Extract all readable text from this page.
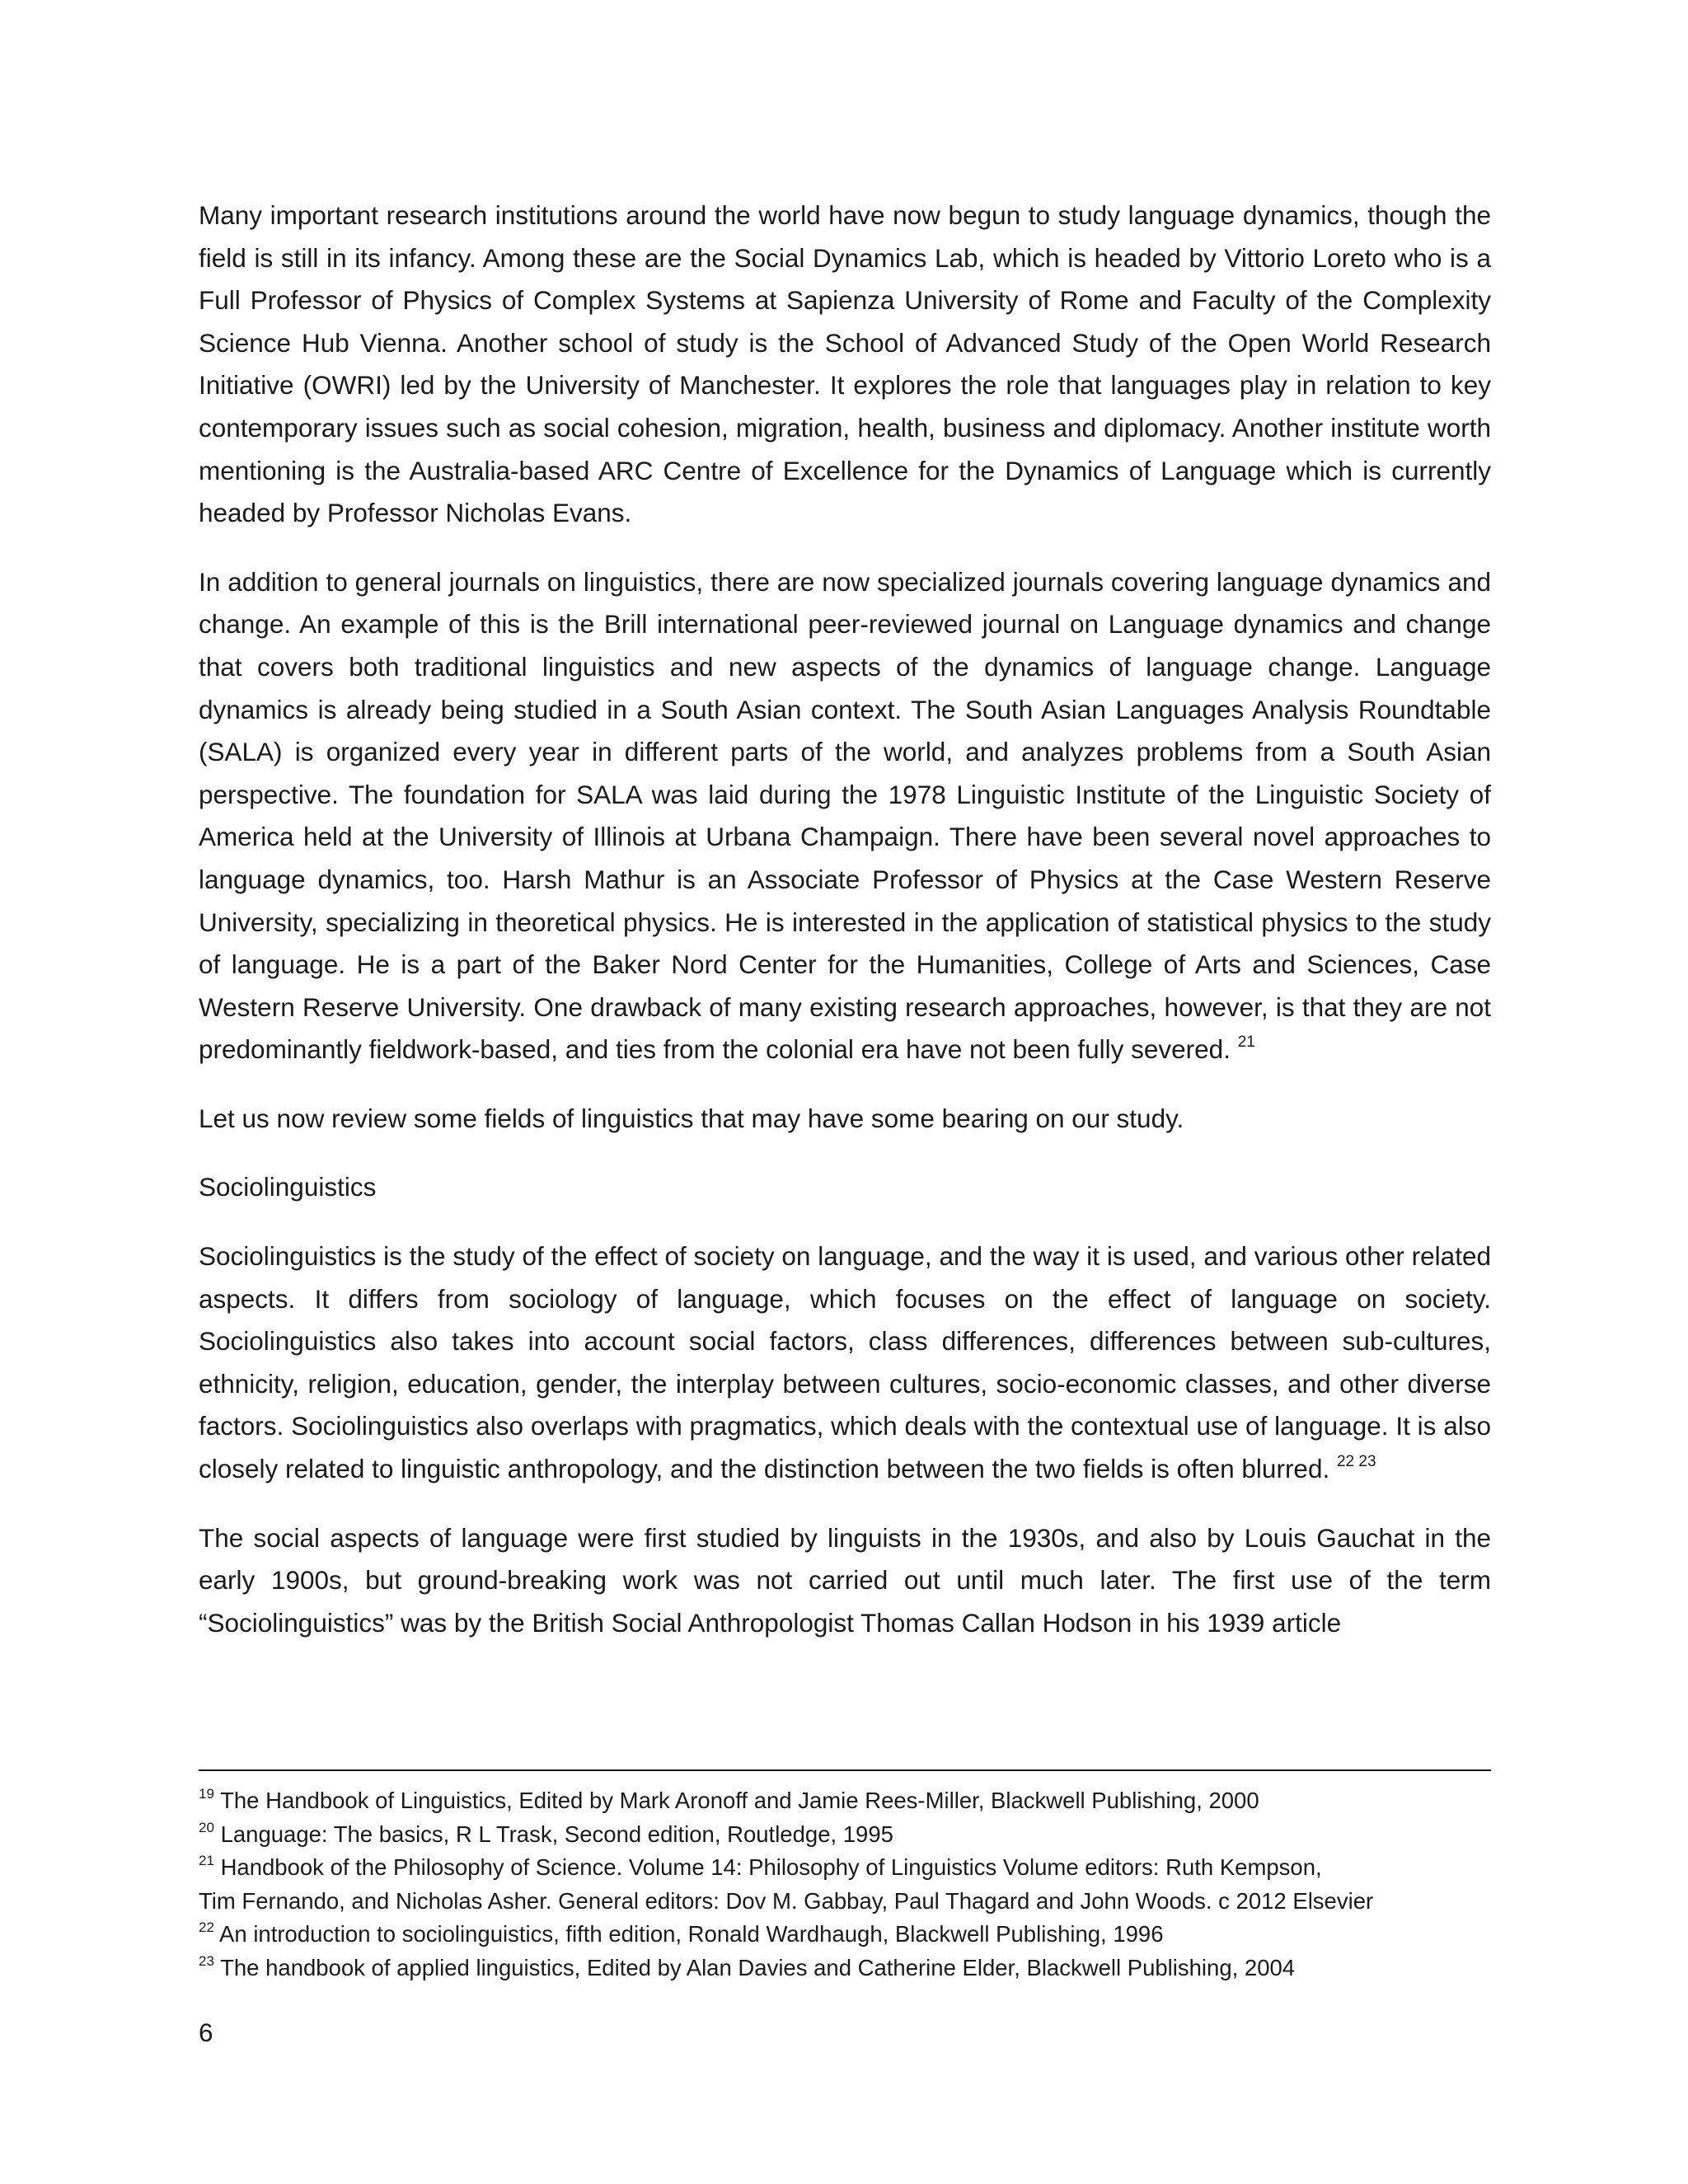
Many important research institutions around the world have now begun to study language dynamics, though the field is still in its infancy. Among these are the Social Dynamics Lab, which is headed by Vittorio Loreto who is a Full Professor of Physics of Complex Systems at Sapienza University of Rome and Faculty of the Complexity Science Hub Vienna. Another school of study is the School of Advanced Study of the Open World Research Initiative (OWRI) led by the University of Manchester. It explores the role that languages play in relation to key contemporary issues such as social cohesion, migration, health, business and diplomacy. Another institute worth mentioning is the Australia-based ARC Centre of Excellence for the Dynamics of Language which is currently headed by Professor Nicholas Evans.

In addition to general journals on linguistics, there are now specialized journals covering language dynamics and change. An example of this is the Brill international peer-reviewed journal on Language dynamics and change that covers both traditional linguistics and new aspects of the dynamics of language change. Language dynamics is already being studied in a South Asian context. The South Asian Languages Analysis Roundtable (SALA) is organized every year in different parts of the world, and analyzes problems from a South Asian perspective. The foundation for SALA was laid during the 1978 Linguistic Institute of the Linguistic Society of America held at the University of Illinois at Urbana Champaign. There have been several novel approaches to language dynamics, too. Harsh Mathur is an Associate Professor of Physics at the Case Western Reserve University, specializing in theoretical physics. He is interested in the application of statistical physics to the study of language. He is a part of the Baker Nord Center for the Humanities, College of Arts and Sciences, Case Western Reserve University. One drawback of many existing research approaches, however, is that they are not predominantly fieldwork-based, and ties from the colonial era have not been fully severed. $^{21}$

Let us now review some fields of linguistics that may have some bearing on our study.

Sociolinguistics

Sociolinguistics is the study of the effect of society on language, and the way it is used, and various other related aspects. It differs from sociology of language, which focuses on the effect of language on society. Sociolinguistics also takes into account social factors, class differences, differences between sub-cultures, ethnicity, religion, education, gender, the interplay between cultures, socio-economic classes, and other diverse factors. Sociolinguistics also overlaps with pragmatics, which deals with the contextual use of language. It is also closely related to linguistic anthropology, and the distinction between the two fields is often blurred. $^{22 23}$

The social aspects of language were first studied by linguists in the 1930s, and also by Louis Gauchat in the early 1900s, but ground-breaking work was not carried out until much later. The first use of the term “Sociolinguistics” was by the British Social Anthropologist Thomas Callan Hodson in his 1939 article

$^{19}$ The Handbook of Linguistics, Edited by Mark Aronoff and Jamie Rees-Miller, Blackwell Publishing, 2000
$^{20}$ Language: The basics, R L Trask, Second edition, Routledge, 1995
$^{21}$ Handbook of the Philosophy of Science. Volume 14: Philosophy of Linguistics Volume editors: Ruth Kempson,
Tim Fernando, and Nicholas Asher. General editors: Dov M. Gabbay, Paul Thagard and John Woods. c 2012 Elsevier
$^{22}$ An introduction to sociolinguistics, fifth edition, Ronald Wardhaugh, Blackwell Publishing, 1996
$^{23}$ The handbook of applied linguistics, Edited by Alan Davies and Catherine Elder, Blackwell Publishing, 2004
6
